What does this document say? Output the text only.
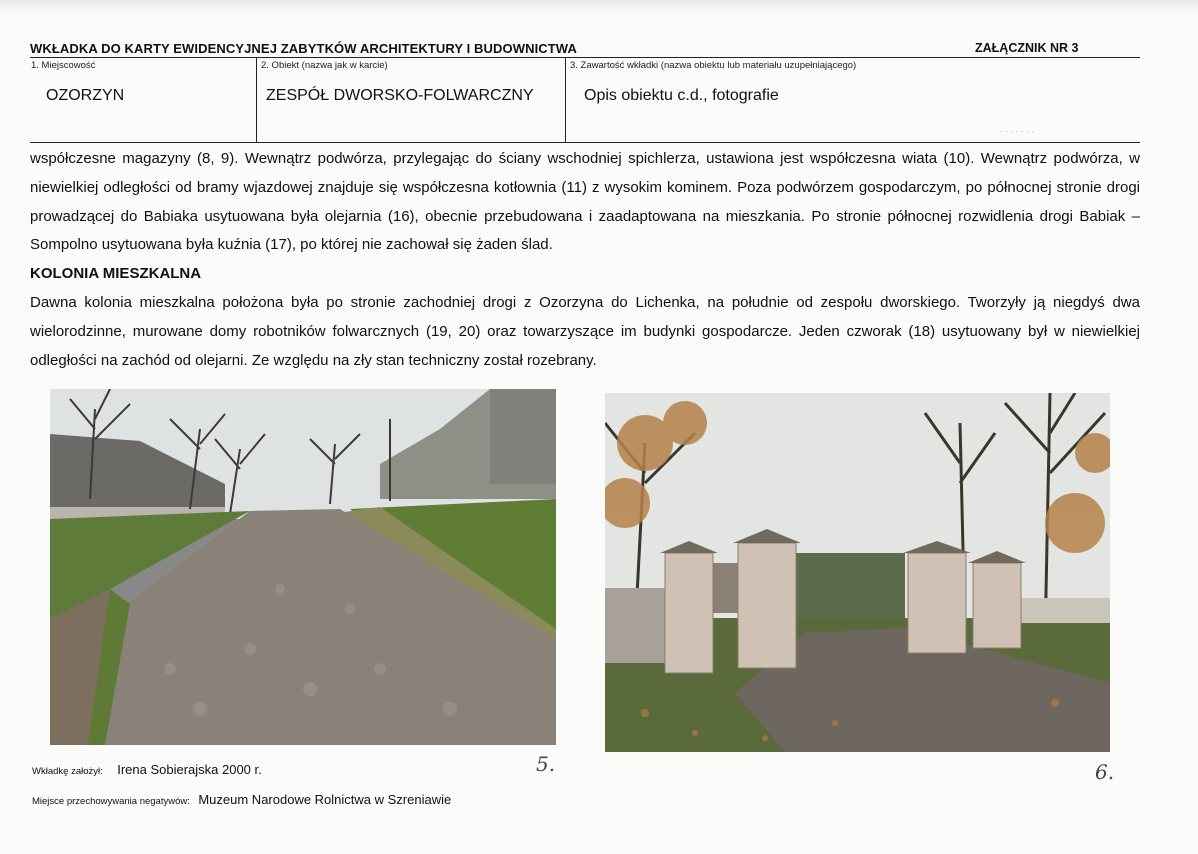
WKŁADKA DO KARTY EWIDENCYJNEJ ZABYTKÓW ARCHITEKTURY I BUDOWNICTWA	ZAŁĄCZNIK NR 3
1. Miejscowość	2. Obiekt (nazwa jak w karcie)	3. Zawartość wkładki (nazwa obiektu lub materiału uzupełniającego)
OZORZYN	ZESPÓŁ DWORSKO-FOLWARCZNY	Opis obiektu c.d., fotografie
.......

współczesne magazyny (8, 9). Wewnątrz podwórza, przylegając do ściany wschodniej spichlerza, ustawiona jest współczesna wiata (10). Wewnątrz podwórza, w niewielkiej odległości od bramy wjazdowej znajduje się współczesna kotłownia (11) z wysokim kominem. Poza podwórzem gospodarczym, po północnej stronie drogi prowadzącej do Babiaka usytuowana była olejarnia (16), obecnie przebudowana i zaadaptowana na mieszkania. Po stronie północnej rozwidlenia drogi Babiak – Sompolno usytuowana była kuźnia (17), po której nie zachował się żaden ślad.

KOLONIA MIESZKALNA

Dawna kolonia mieszkalna położona była po stronie zachodniej drogi z Ozorzyna do Lichenka, na południe od zespołu dworskiego. Tworzyły ją niegdyś dwa wielorodzinne, murowane domy robotników folwarcznych (19, 20) oraz towarzyszące im budynki gospodarcze. Jeden czworak (18) usytuowany był w niewielkiej odległości na zachód od olejarni. Ze względu na zły stan techniczny został rozebrany.

5.	6.
Wkładkę założył: Irena Sobierajska 2000 r.
Miejsce przechowywania negatywów: Muzeum Narodowe Rolnictwa w Szreniawie
